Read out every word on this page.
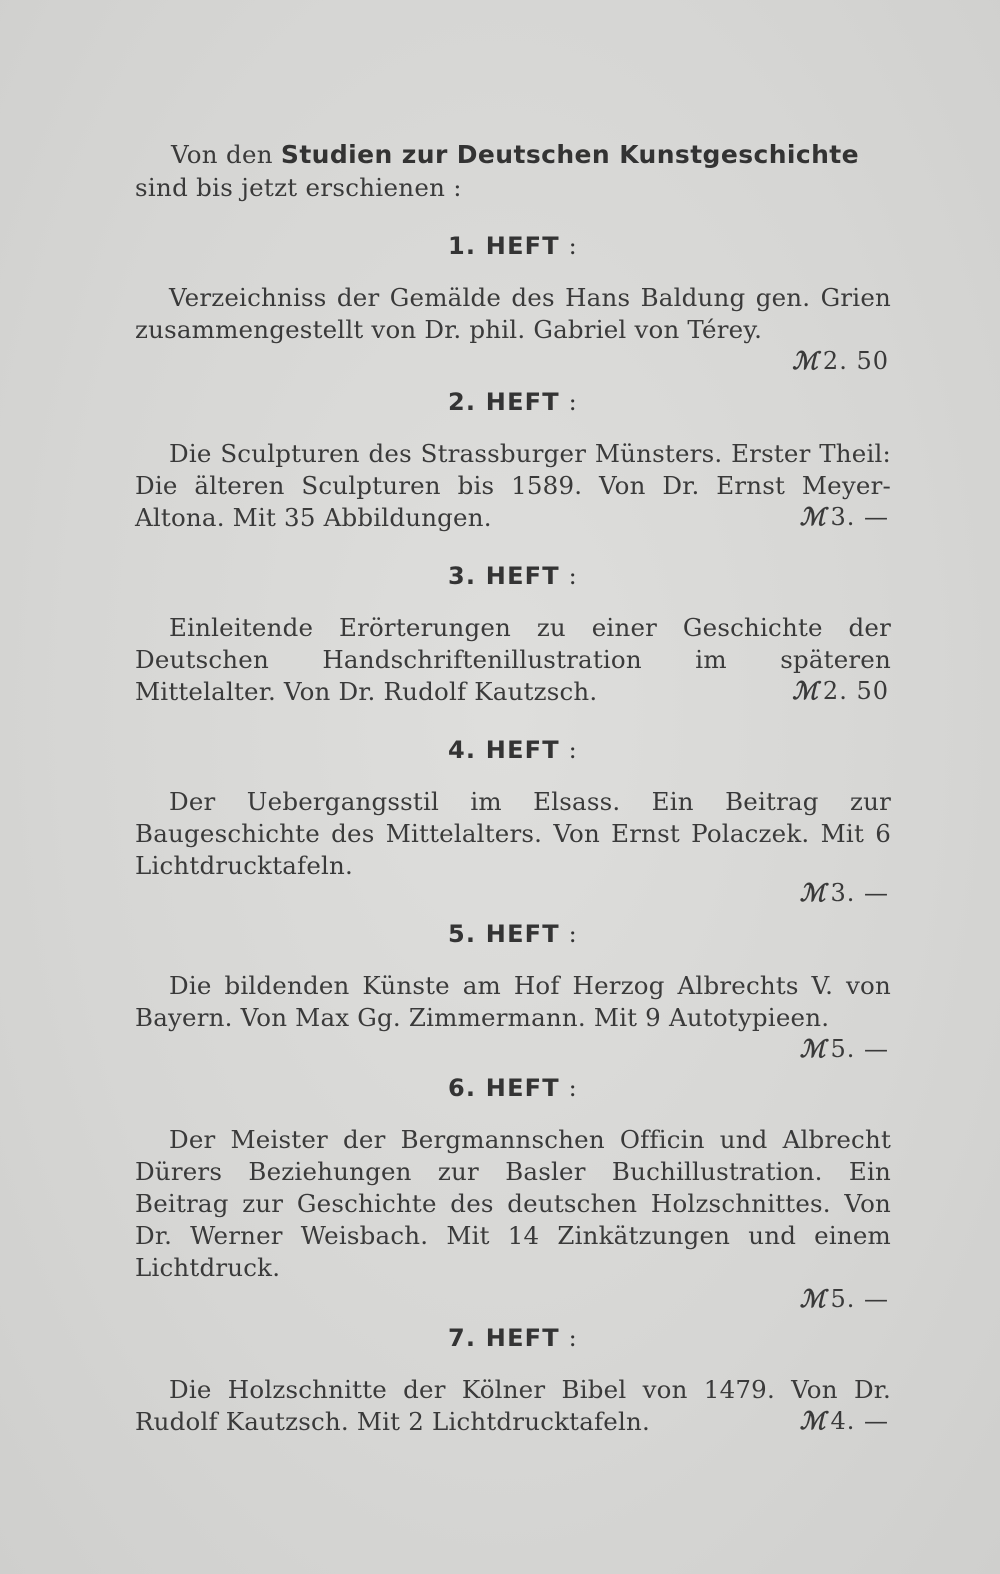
Von den Studien zur Deutschen Kunstgeschichte
sind bis jetzt erschienen :
1. HEFT :
Verzeichniss der Gemälde des Hans Baldung gen. Grien zusammengestellt von Dr. phil. Gabriel von Térey.
ℳ 2. 50
2. HEFT :
Die Sculpturen des Strassburger Münsters. Erster Theil: Die älteren Sculpturen bis 1589. Von Dr. Ernst Meyer-Altona. Mit 35 Abbildungen.	ℳ 3. —
3. HEFT :
Einleitende Erörterungen zu einer Geschichte der Deutschen Handschriftenillustration im späteren Mittelalter. Von Dr. Rudolf Kautzsch.	ℳ 2. 50
4. HEFT :
Der Uebergangsstil im Elsass. Ein Beitrag zur Baugeschichte des Mittelalters. Von Ernst Polaczek. Mit 6 Lichtdrucktafeln.
ℳ 3. —
5. HEFT :
Die bildenden Künste am Hof Herzog Albrechts V. von Bayern. Von Max Gg. Zimmermann. Mit 9 Autotypieen.
ℳ 5. —
6. HEFT :
Der Meister der Bergmannschen Officin und Albrecht Dürers Beziehungen zur Basler Buchillustration. Ein Beitrag zur Geschichte des deutschen Holzschnittes. Von Dr. Werner Weisbach. Mit 14 Zinkätzungen und einem Lichtdruck.
ℳ 5. —
7. HEFT :
Die Holzschnitte der Kölner Bibel von 1479. Von Dr. Rudolf Kautzsch. Mit 2 Lichtdrucktafeln.	ℳ 4. —
